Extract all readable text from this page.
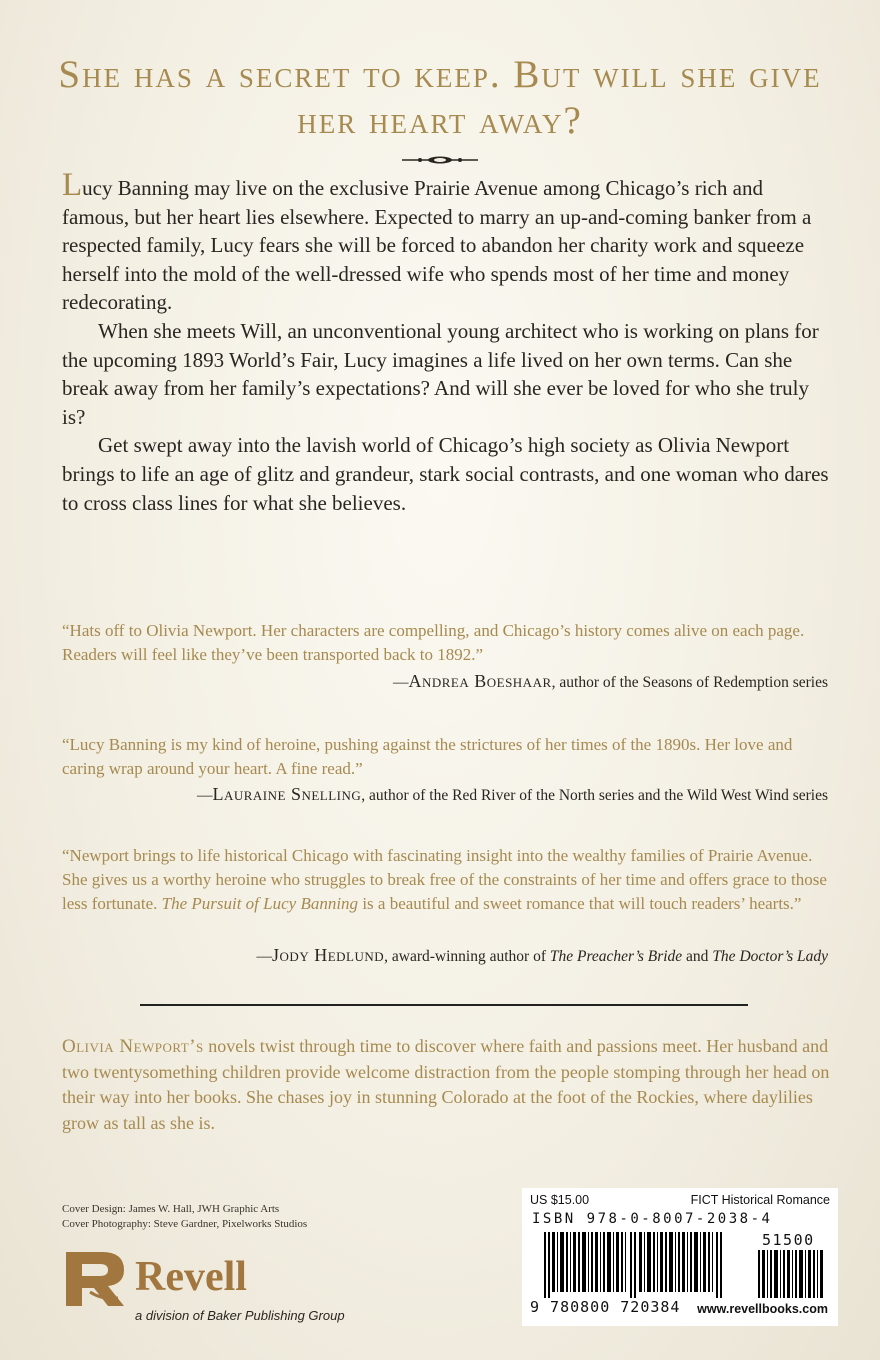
She has a secret to keep. But will she give her heart away?

Lucy Banning may live on the exclusive Prairie Avenue among Chicago’s rich and famous, but her heart lies elsewhere. Expected to marry an up-and-coming banker from a respected family, Lucy fears she will be forced to abandon her charity work and squeeze herself into the mold of the well-dressed wife who spends most of her time and money redecorating.

When she meets Will, an unconventional young architect who is working on plans for the upcoming 1893 World’s Fair, Lucy imagines a life lived on her own terms. Can she break away from her family’s expectations? And will she ever be loved for who she truly is?

Get swept away into the lavish world of Chicago’s high society as Olivia Newport brings to life an age of glitz and grandeur, stark social contrasts, and one woman who dares to cross class lines for what she believes.

“Hats off to Olivia Newport. Her characters are compelling, and Chicago’s history comes alive on each page. Readers will feel like they’ve been transported back to 1892.”
—Andrea Boeshaar, author of the Seasons of Redemption series
“Lucy Banning is my kind of heroine, pushing against the strictures of her times of the 1890s. Her love and caring wrap around your heart. A fine read.”
—Lauraine Snelling, author of the Red River of the North series and the Wild West Wind series
“Newport brings to life historical Chicago with fascinating insight into the wealthy families of Prairie Avenue. She gives us a worthy heroine who struggles to break free of the constraints of her time and offers grace to those less fortunate. The Pursuit of Lucy Banning is a beautiful and sweet romance that will touch readers’ hearts.”
—Jody Hedlund, award-winning author of The Preacher’s Bride and The Doctor’s Lady
Olivia Newport’s novels twist through time to discover where faith and passions meet. Her husband and two twentysomething children provide welcome distraction from the people stomping through her head on their way into her books. She chases joy in stunning Colorado at the foot of the Rockies, where daylilies grow as tall as she is.
Cover Design: James W. Hall, JWH Graphic Arts
Cover Photography: Steve Gardner, Pixelworks Studios
Revell
a division of Baker Publishing Group
US $15.00	FICT Historical Romance
ISBN 978-0-8007-2038-4
51500
9 780800 720384 www.revellbooks.com
